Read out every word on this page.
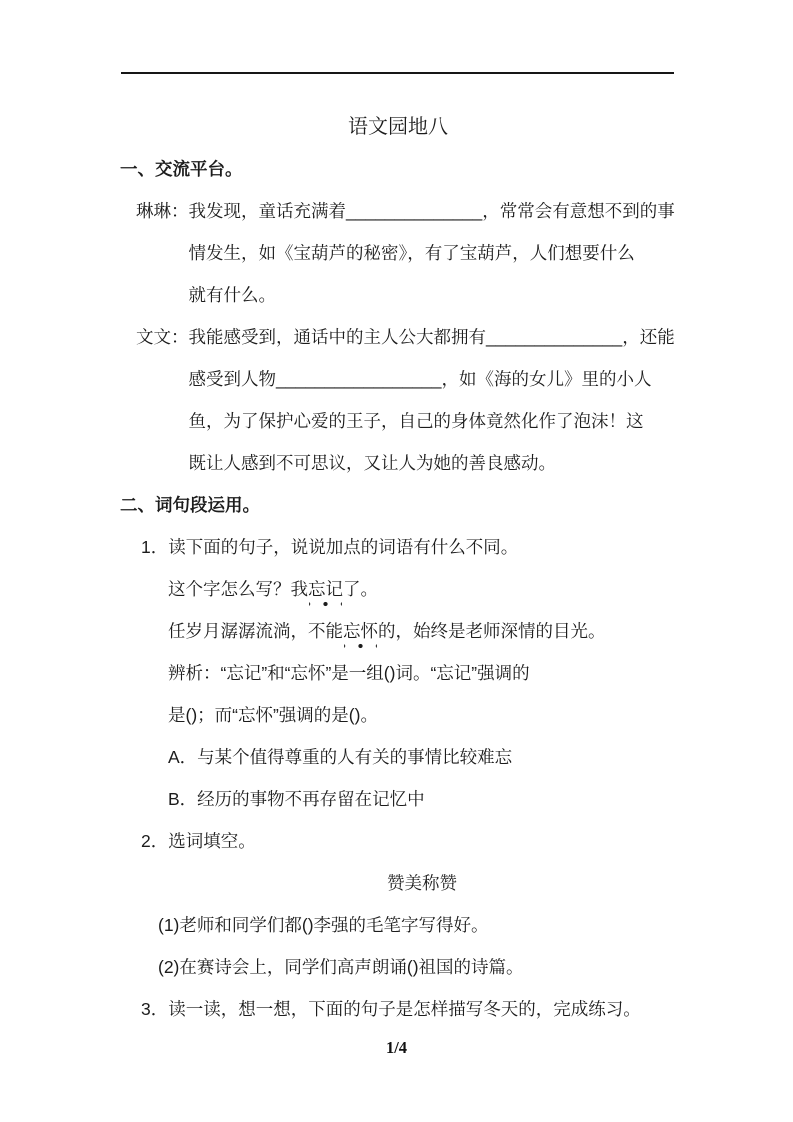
语文园地八
一、交流平台。
琳琳： 我发现，童话充满着______________，常常会有意想不到的事
情发生，如《宝葫芦的秘密》，有了宝葫芦，人们想要什么
就有什么。
文文： 我能感受到，通话中的主人公大都拥有______________，还能
感受到人物_________________，如《海的女儿》里的小人
鱼，为了保护心爱的王子，自己的身体竟然化作了泡沫！这
既让人感到不可思议，又让人为她的善良感动。
二、词句段运用。
1．读下面的句子，说说加点的词语有什么不同。
这个字怎么写？我忘记了。
任岁月潺潺流淌，不能忘怀的，始终是老师深情的目光。
辨析：“忘记”和“忘怀”是一组()词。“忘记”强调的
是()；而“忘怀”强调的是()。
A．与某个值得尊重的人有关的事情比较难忘
B．经历的事物不再存留在记忆中
2．选词填空。
赞美称赞
(1)老师和同学们都()李强的毛笔字写得好。
(2)在赛诗会上，同学们高声朗诵()祖国的诗篇。
3．读一读，想一想，下面的句子是怎样描写冬天的，完成练习。
1/4
